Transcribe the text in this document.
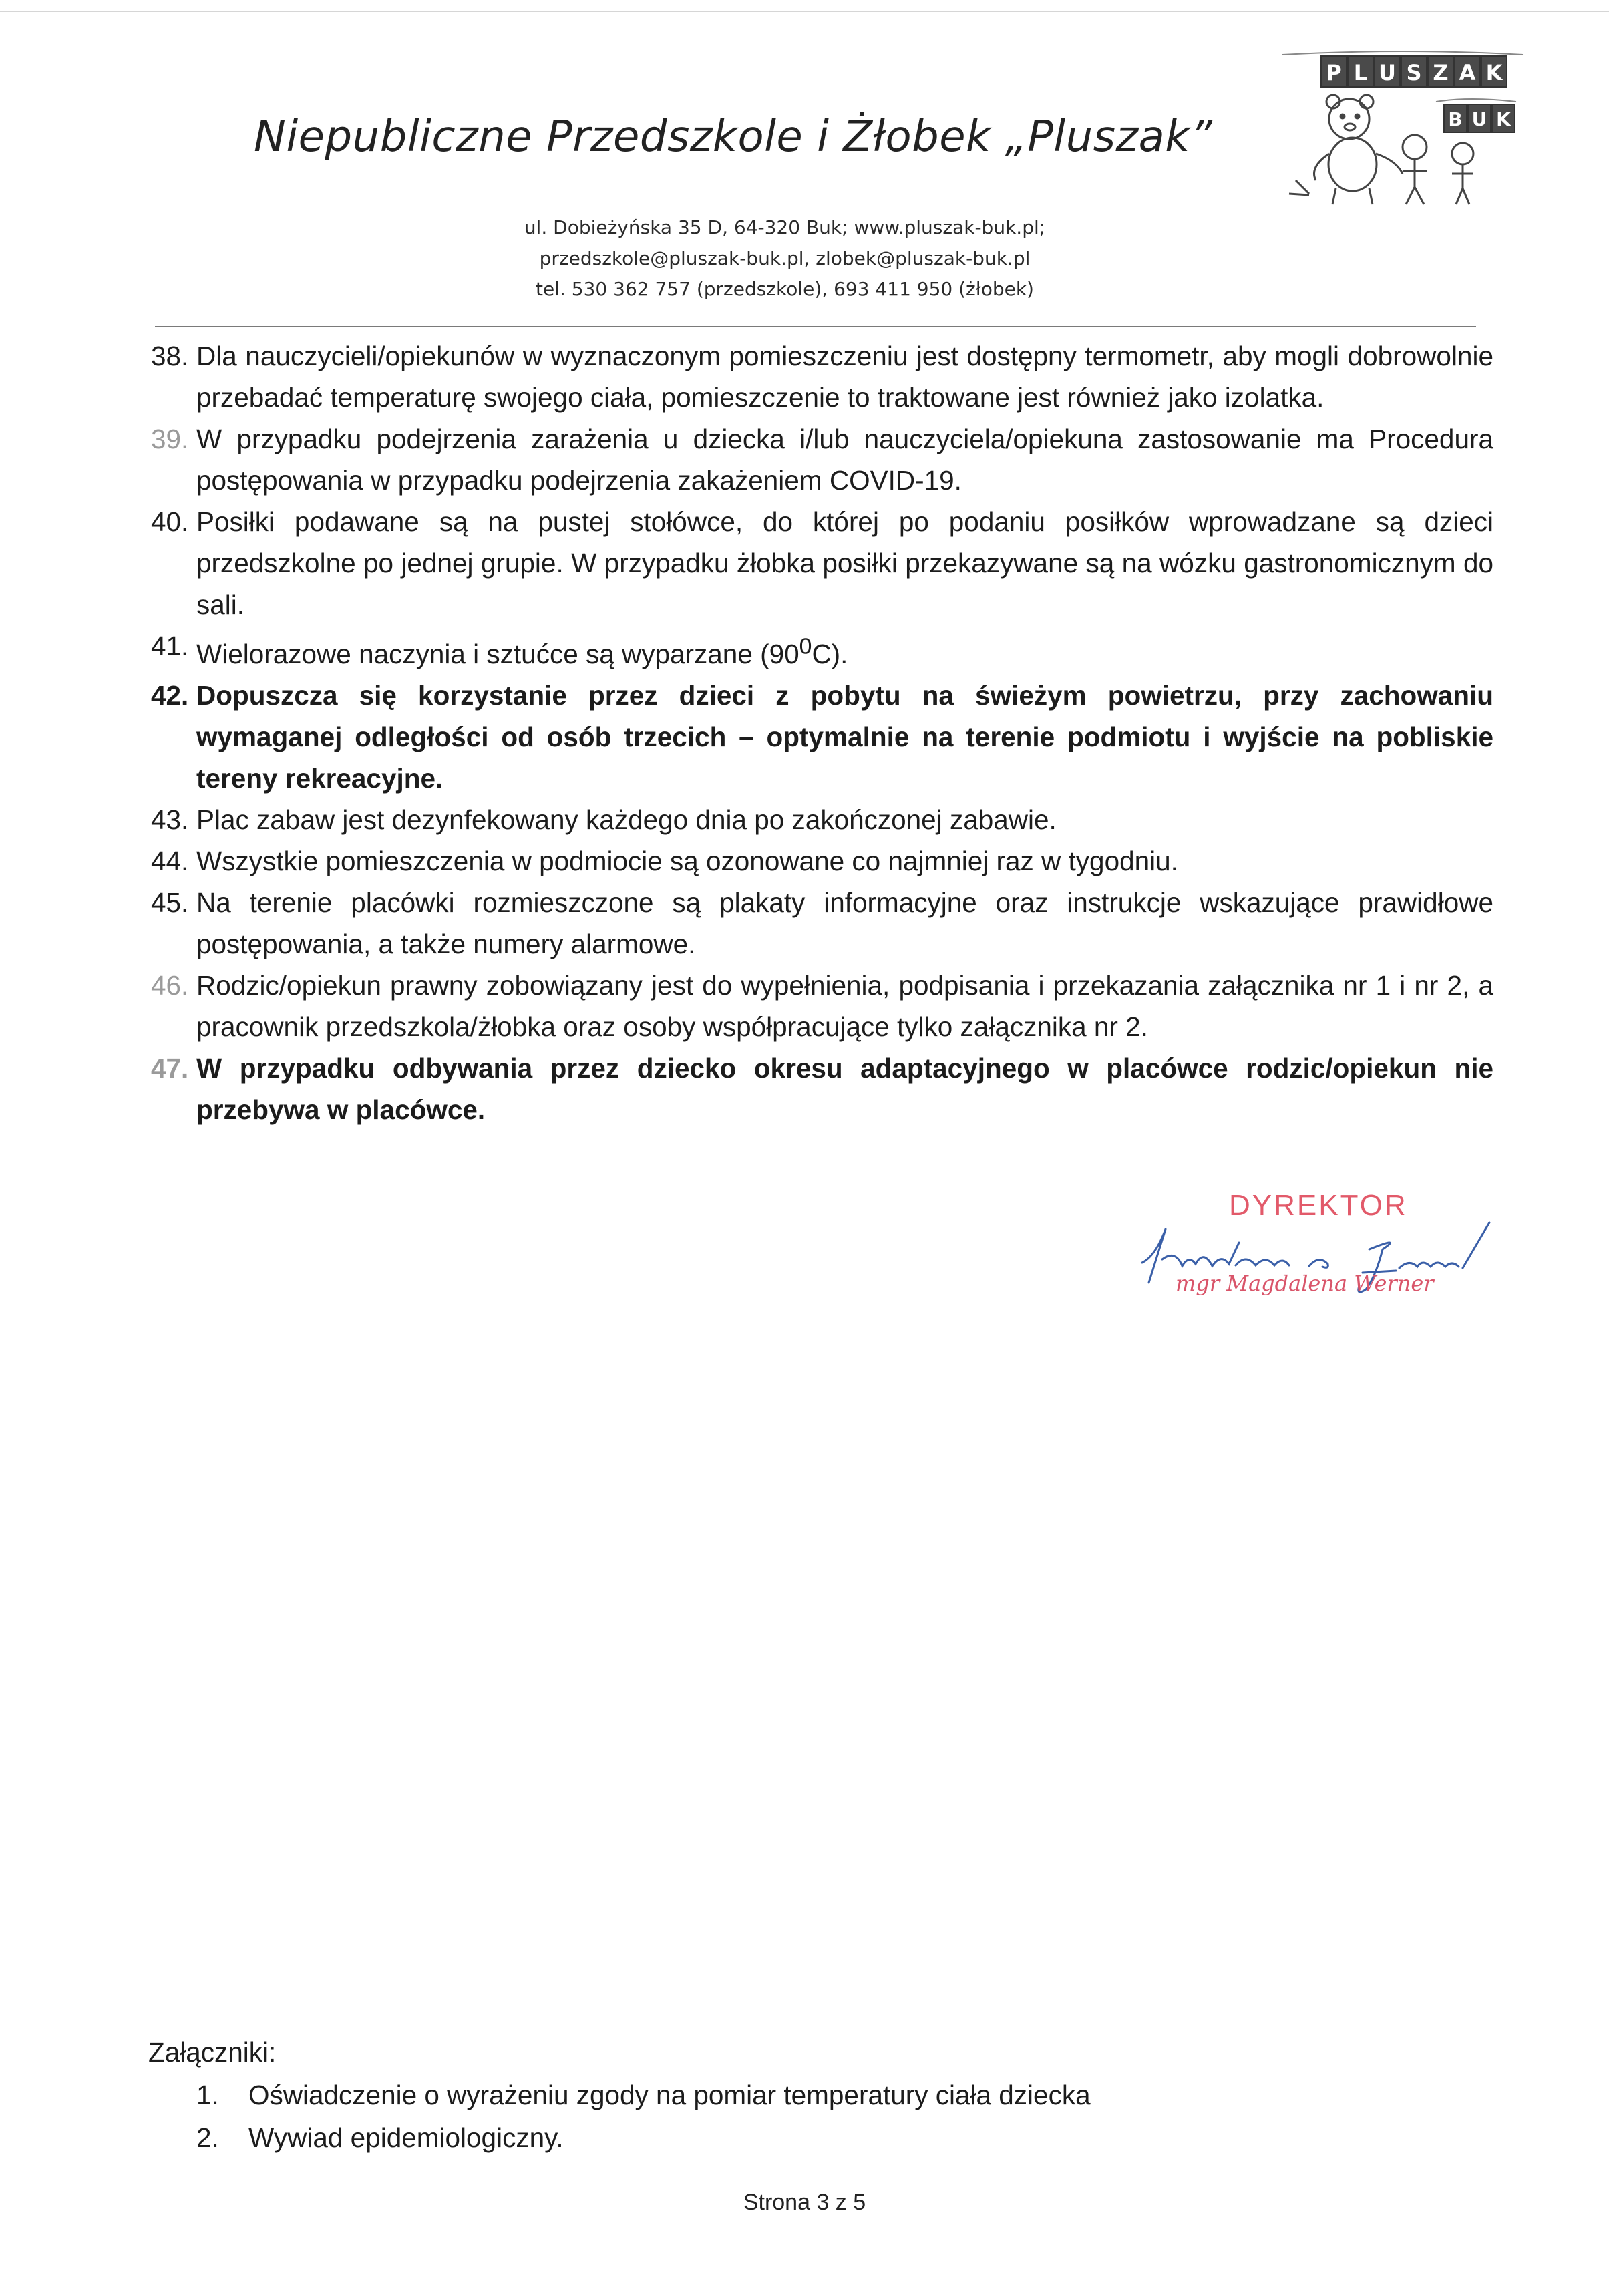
Niepubliczne Przedszkole i Żłobek „Pluszak”
P L U S Z A K
B U K
ul. Dobieżyńska 35 D, 64-320 Buk; www.pluszak-buk.pl;
przedszkole@pluszak-buk.pl, zlobek@pluszak-buk.pl
tel. 530 362 757 (przedszkole), 693 411 950 (żłobek)

38. Dla nauczycieli/opiekunów w wyznaczonym pomieszczeniu jest dostępny termometr, aby mogli dobrowolnie przebadać temperaturę swojego ciała, pomieszczenie to traktowane jest również jako izolatka.

39. W przypadku podejrzenia zarażenia u dziecka i/lub nauczyciela/opiekuna zastosowanie ma Procedura postępowania w przypadku podejrzenia zakażeniem COVID-19.

40. Posiłki podawane są na pustej stołówce, do której po podaniu posiłków wprowadzane są dzieci przedszkolne po jednej grupie. W przypadku żłobka posiłki przekazywane są na wózku gastronomicznym do sali.

41. Wielorazowe naczynia i sztućce są wyparzane $(90^0C)$.

42. Dopuszcza się korzystanie przez dzieci z pobytu na świeżym powietrzu, przy zachowaniu wymaganej odległości od osób trzecich – optymalnie na terenie podmiotu i wyjście na pobliskie tereny rekreacyjne.

43. Plac zabaw jest dezynfekowany każdego dnia po zakończonej zabawie.

44. Wszystkie pomieszczenia w podmiocie są ozonowane co najmniej raz w tygodniu.

45. Na terenie placówki rozmieszczone są plakaty informacyjne oraz instrukcje wskazujące prawidłowe postępowania, a także numery alarmowe.

46. Rodzic/opiekun prawny zobowiązany jest do wypełnienia, podpisania i przekazania załącznika nr 1 i nr 2, a pracownik przedszkola/żłobka oraz osoby współpracujące tylko załącznika nr 2.

47. W przypadku odbywania przez dziecko okresu adaptacyjnego w placówce rodzic/opiekun nie przebywa w placówce.

DYREKTOR
mgr Magdalena Werner
Załączniki:
1. Oświadczenie o wyrażeniu zgody na pomiar temperatury ciała dziecka
2. Wywiad epidemiologiczny.
Strona 3 z 5
